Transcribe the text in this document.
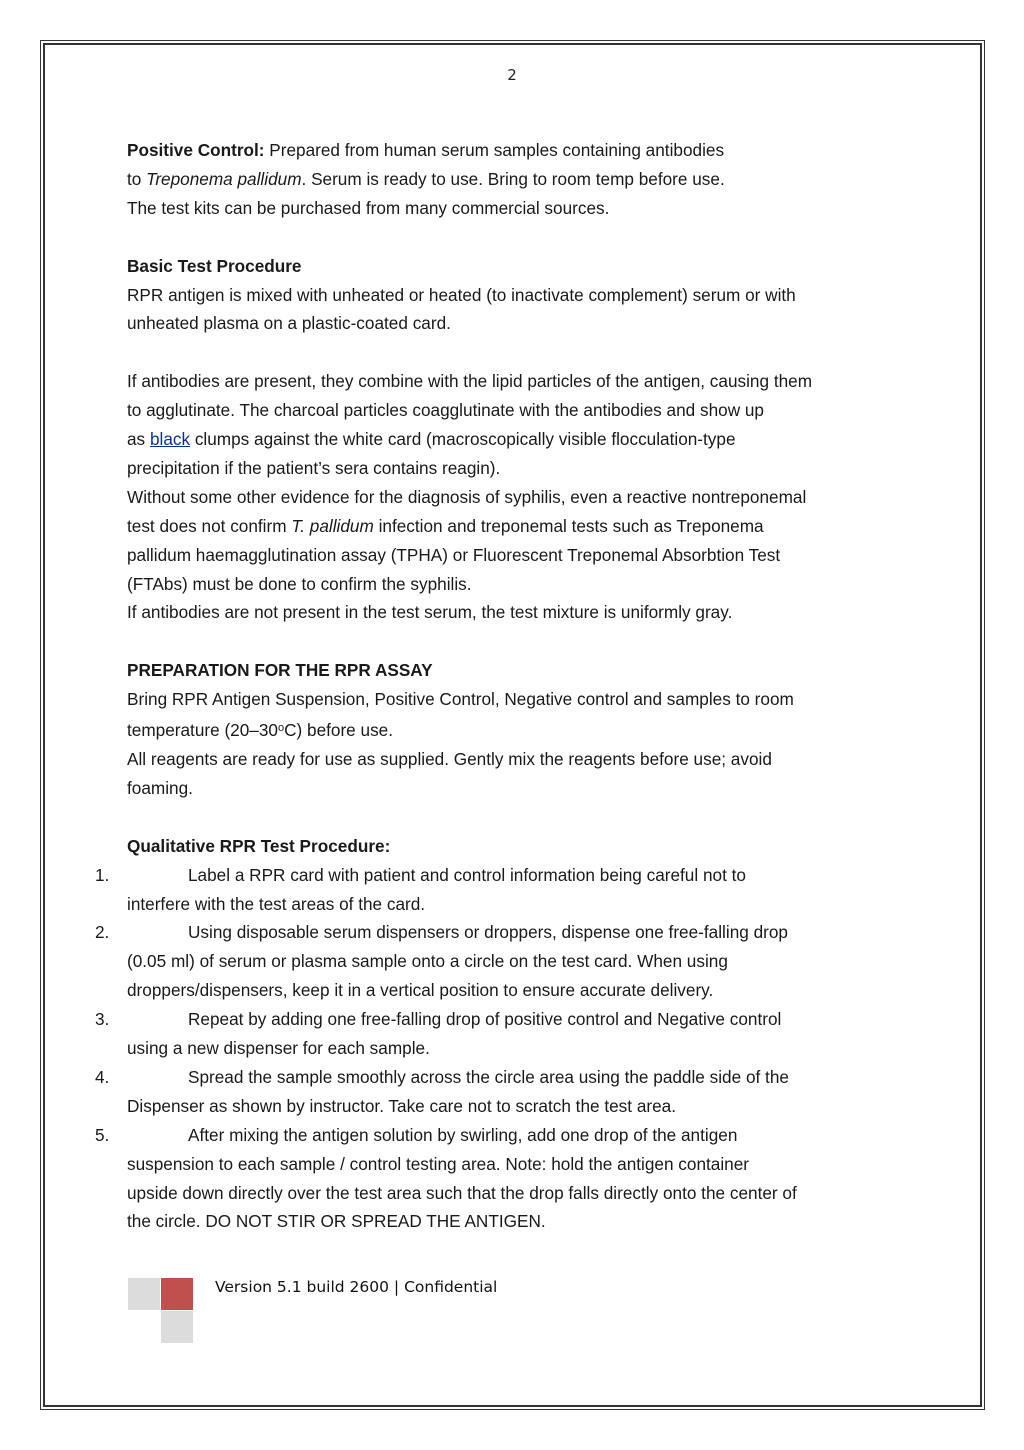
2

Positive Control: Prepared from human serum samples containing antibodies

to Treponema pallidum. Serum is ready to use. Bring to room temp before use.

The test kits can be purchased from many commercial sources.

Basic Test Procedure

RPR antigen is mixed with unheated or heated (to inactivate complement) serum or with

unheated plasma on a plastic-coated card.

If antibodies are present, they combine with the lipid particles of the antigen, causing them

to agglutinate. The charcoal particles coagglutinate with the antibodies and show up

as black clumps against the white card (macroscopically visible flocculation-type

precipitation if the patient’s sera contains reagin).

Without some other evidence for the diagnosis of syphilis, even a reactive nontreponemal

test does not confirm T. pallidum infection and treponemal tests such as Treponema

pallidum haemagglutination assay (TPHA) or Fluorescent Treponemal Absorbtion Test

(FTAbs) must be done to confirm the syphilis.

If antibodies are not present in the test serum, the test mixture is uniformly gray.

PREPARATION FOR THE RPR ASSAY

Bring RPR Antigen Suspension, Positive Control, Negative control and samples to room

temperature (20–30$^o$C) before use.

All reagents are ready for use as supplied. Gently mix the reagents before use; avoid

foaming.

Qualitative RPR Test Procedure:

1.	Label a RPR card with patient and control information being careful not to

interfere with the test areas of the card.

2.	Using disposable serum dispensers or droppers, dispense one free-falling drop

(0.05 ml) of serum or plasma sample onto a circle on the test card. When using

droppers/dispensers, keep it in a vertical position to ensure accurate delivery.

3.	Repeat by adding one free-falling drop of positive control and Negative control

using a new dispenser for each sample.

4.	Spread the sample smoothly across the circle area using the paddle side of the

Dispenser as shown by instructor. Take care not to scratch the test area.

5.	After mixing the antigen solution by swirling, add one drop of the antigen

suspension to each sample / control testing area. Note: hold the antigen container

upside down directly over the test area such that the drop falls directly onto the center of

the circle. DO NOT STIR OR SPREAD THE ANTIGEN.

Version 5.1 build 2600 | Confidential
